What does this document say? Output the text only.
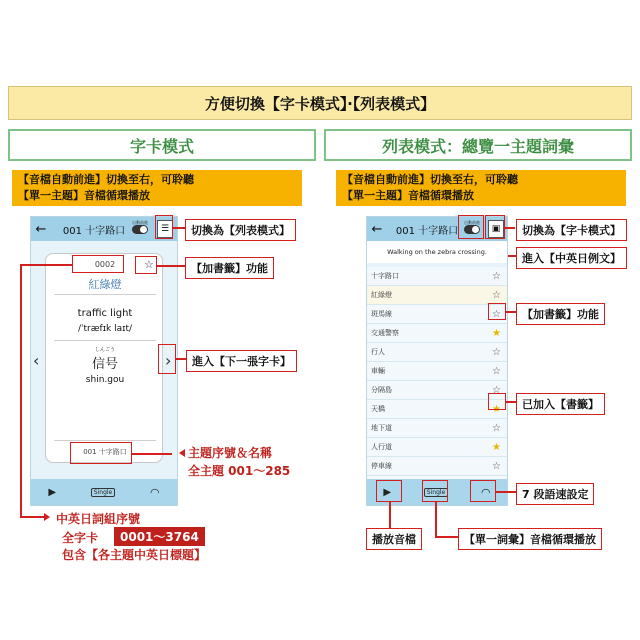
方便切換【字卡模式】‧【列表模式】
字卡模式	列表模式：總覽一主題詞彙
【音檔自動前進】切換至右，可聆聽
【單一主題】音檔循環播放
【音檔自動前進】切換至右，可聆聽
【單一主題】音檔循環播放
←	001 十字路口
自動前進
☰
0002	☆
紅綠燈
traffic light
/ˈtræfɪk laɪt/
しんごう
信号
shin.gou
001 十字路口
‹	›
▶	Single	◠
切換為【列表模式】
【加書籤】功能
進入【下一張字卡】
主題序號＆名稱
全主題 001～285
中英日詞組序號
全字卡	0001～3764
包含【各主題中英日標題】
←	001 十字路口
自動前進
▣
Walking on the zebra crossing.
十字路口	☆
紅綠燈	☆
斑馬線	☆
交通警察	★
行人	☆
車輛	☆
分隔島	☆
天橋	★
地下道	☆
人行道	★
停車線	☆
▶	Single	◠
切換為【字卡模式】
進入【中英日例文】
【加書籤】功能
已加入【書籤】
7 段語速設定
播放音檔	【單一詞彙】音檔循環播放
